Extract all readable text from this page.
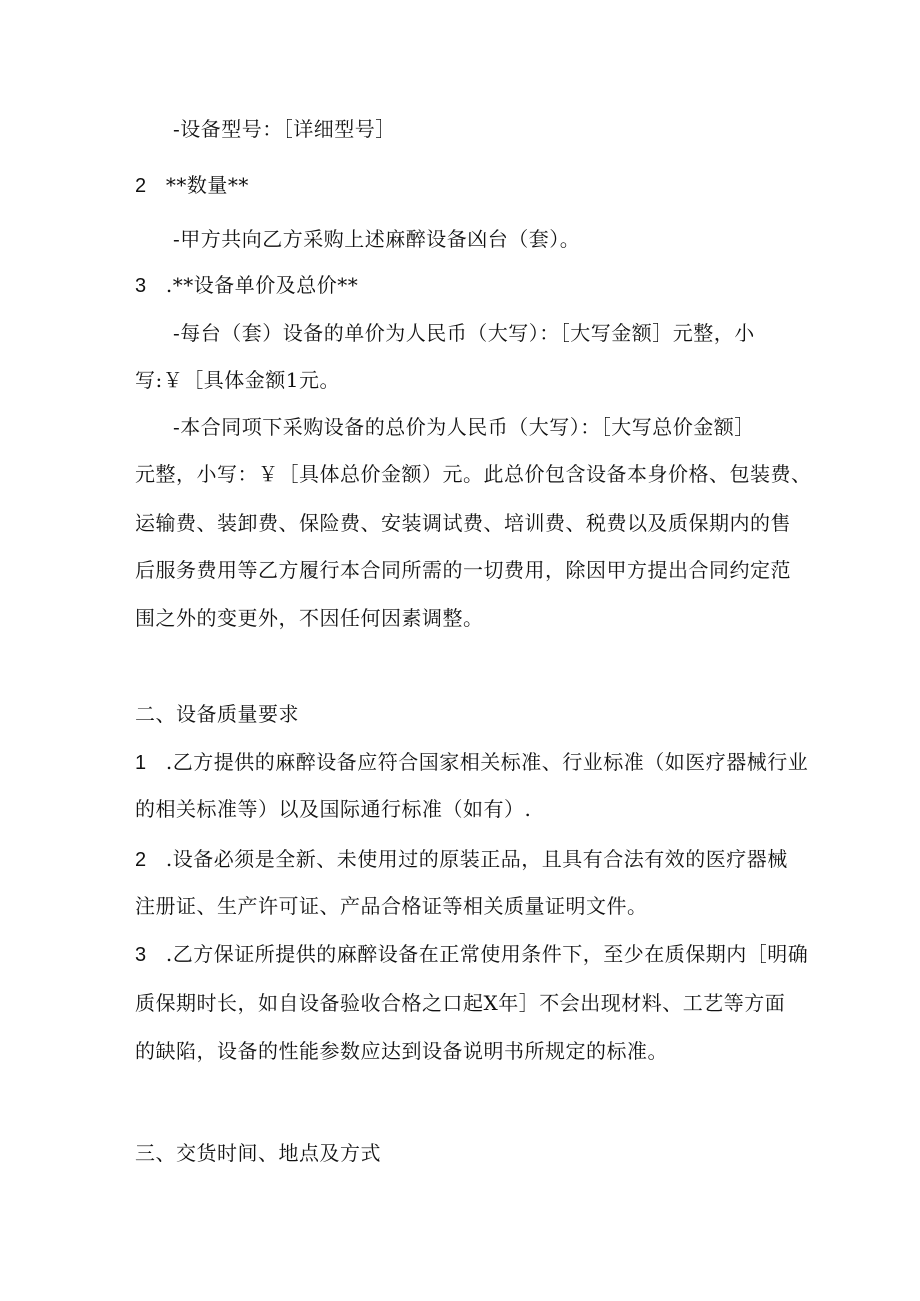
-设备型号：［详细型号］
2 **数量**
-甲方共向乙方采购上述麻醉设备凶台（套）。
3 .**设备单价及总价**
-每台（套）设备的单价为人民币（大写）：［大写金额］元整，小
写:￥［具体金额1元。
-本合同项下采购设备的总价为人民币（大写）：［大写总价金额］
元整，小写：￥［具体总价金额）元。此总价包含设备本身价格、包装费、
运输费、装卸费、保险费、安装调试费、培训费、税费以及质保期内的售
后服务费用等乙方履行本合同所需的一切费用，除因甲方提出合同约定范
围之外的变更外，不因任何因素调整。
二、设备质量要求
1 .乙方提供的麻醉设备应符合国家相关标准、行业标准（如医疗器械行业
的相关标准等）以及国际通行标准（如有）.
2 .设备必须是全新、未使用过的原装正品，且具有合法有效的医疗器械
注册证、生产许可证、产品合格证等相关质量证明文件。
3 .乙方保证所提供的麻醉设备在正常使用条件下，至少在质保期内［明确
质保期时长，如自设备验收合格之口起X年］不会出现材料、工艺等方面
的缺陷，设备的性能参数应达到设备说明书所规定的标准。
三、交货时间、地点及方式
